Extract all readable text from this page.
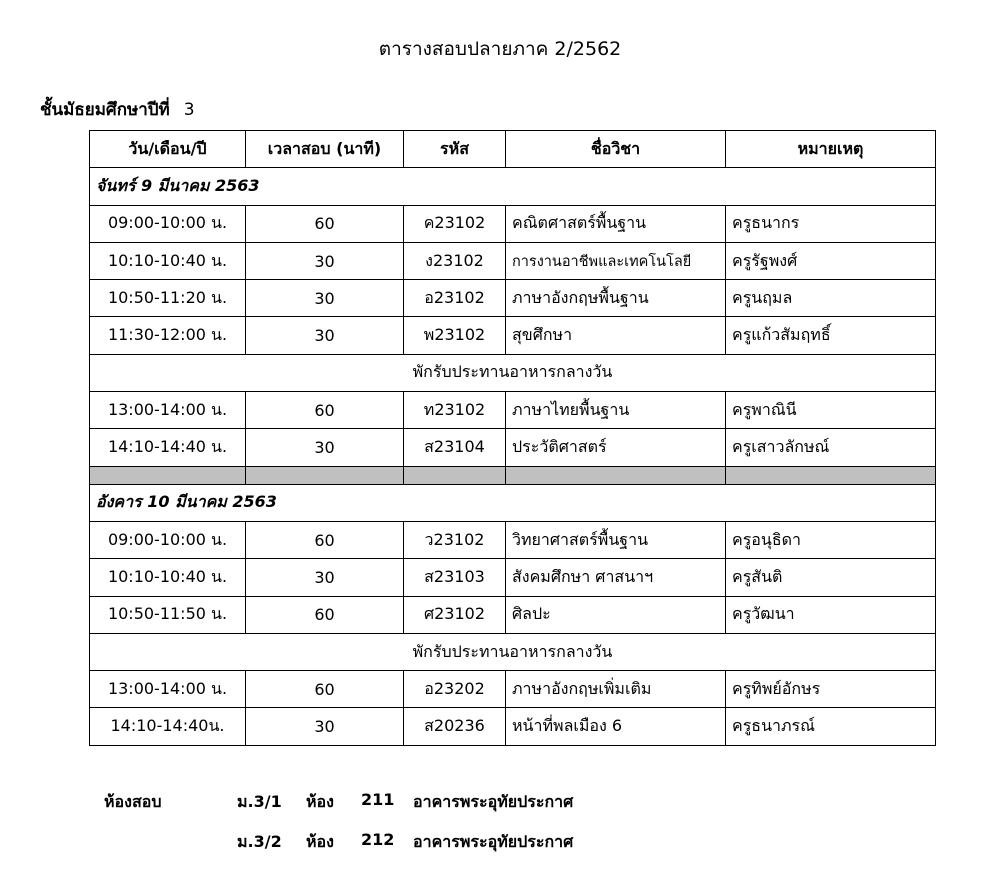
ตารางสอบปลายภาค 2/2562
ชั้นมัธยมศึกษาปีที่ 3
วัน/เดือน/ปี	เวลาสอบ (นาที)	รหัส	ชื่อวิชา	หมายเหตุ
จันทร์ 9 มีนาคม 2563				
09:00-10:00 น.	60	ค23102	คณิตศาสตร์พื้นฐาน	ครูธนากร
10:10-10:40 น.	30	ง23102	การงานอาชีพและเทคโนโลยี	ครูรัฐพงศ์
10:50-11:20 น.	30	อ23102	ภาษาอังกฤษพื้นฐาน	ครูนฤมล
11:30-12:00 น.	30	พ23102	สุขศึกษา	ครูแก้วสัมฤทธิ์
พักรับประทานอาหารกลางวัน				
13:00-14:00 น.	60	ท23102	ภาษาไทยพื้นฐาน	ครูพาณินี
14:10-14:40 น.	30	ส23104	ประวัติศาสตร์	ครูเสาวลักษณ์

อังคาร 10 มีนาคม 2563				
09:00-10:00 น.	60	ว23102	วิทยาศาสตร์พื้นฐาน	ครูอนุธิดา
10:10-10:40 น.	30	ส23103	สังคมศึกษา ศาสนาฯ	ครูสันติ
10:50-11:50 น.	60	ศ23102	ศิลปะ	ครูวัฒนา
พักรับประทานอาหารกลางวัน				
13:00-14:00 น.	60	อ23202	ภาษาอังกฤษเพิ่มเติม	ครูทิพย์อักษร
14:10-14:40น.	30	ส20236	หน้าที่พลเมือง 6	ครูธนาภรณ์
ห้องสอบ	ม.3/1 ห้อง 211 อาคารพระอุทัยประกาศ
ม.3/2 ห้อง 212 อาคารพระอุทัยประกาศ
